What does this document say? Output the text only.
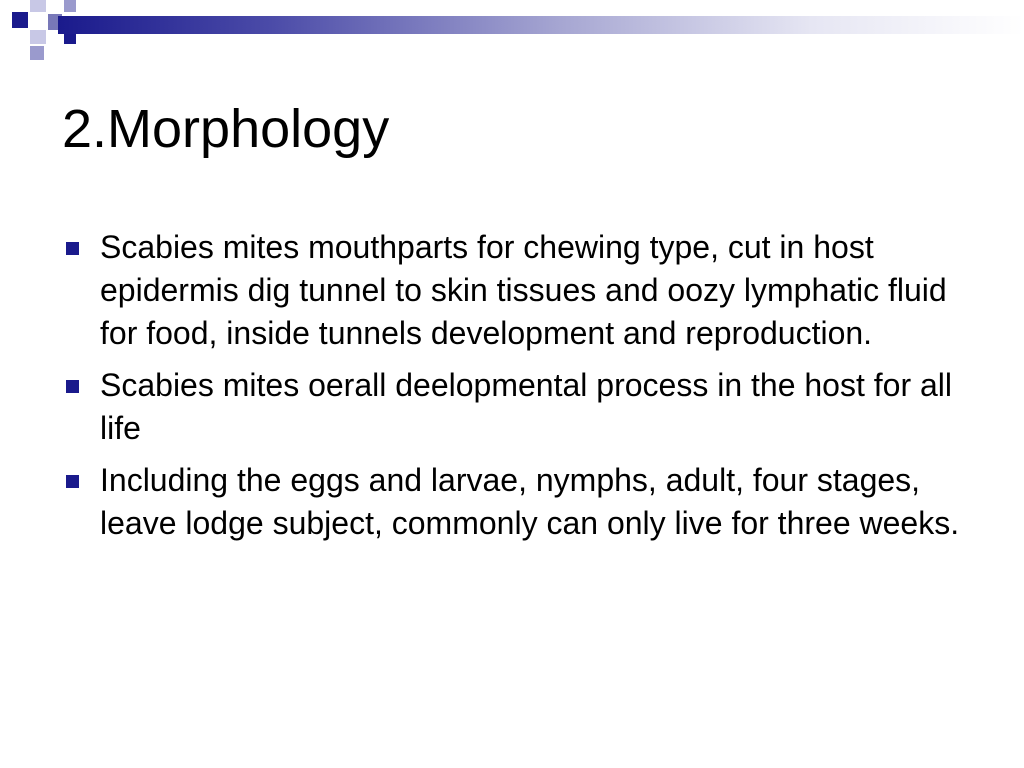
2.Morphology
Scabies mites mouthparts for chewing type, cut in host epidermis dig tunnel to skin tissues and oozy lymphatic fluid for food, inside tunnels development and reproduction.
Scabies mites oerall deelopmental process in the host for all life
Including the eggs and larvae, nymphs, adult, four stages, leave lodge subject, commonly can only live for three weeks.
